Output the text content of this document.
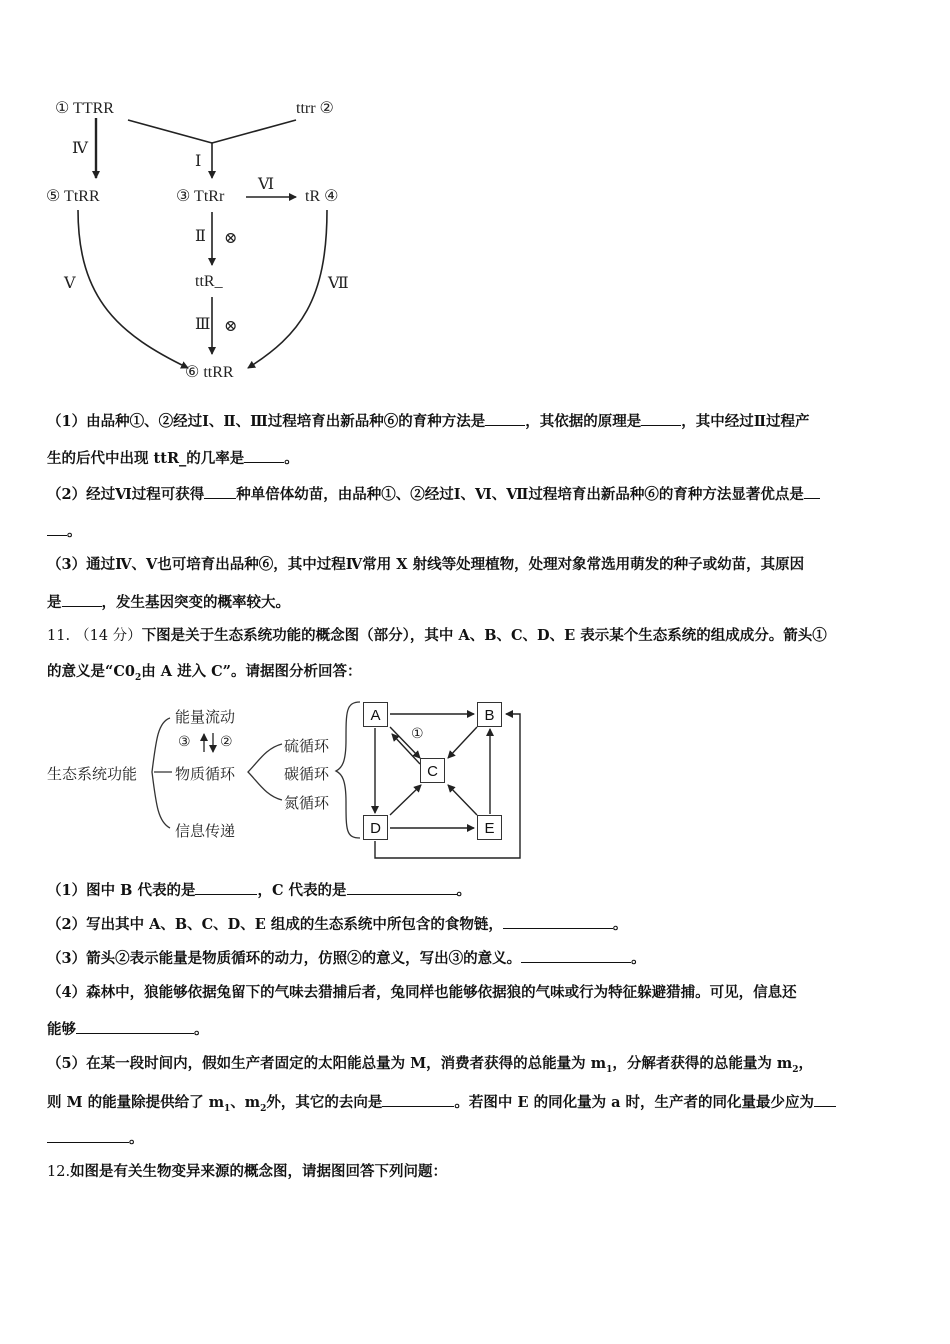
① TTRR	ttrr ②
Ⅳ
Ⅰ
⑤ TtRR	③ TtRr
Ⅵ
tR ④
Ⅱ ⊗
Ⅴ	ttR_	Ⅶ
Ⅲ ⊗
⑥ ttRR
（1）由品种①、②经过Ⅰ、Ⅱ、Ⅲ过程培育出新品种⑥的育种方法是	，其依据的原理是	，其中经过Ⅱ过程产
生的后代中出现 ttR_的几率是	。
（2）经过Ⅵ过程可获得 种单倍体幼苗，由品种①、②经过Ⅰ、Ⅵ、Ⅶ过程培育出新品种⑥的育种方法显著优点是
。
（3）通过Ⅳ、Ⅴ也可培育出品种⑥，其中过程Ⅳ常用 X 射线等处理植物，处理对象常选用萌发的种子或幼苗，其原因
是	，发生基因突变的概率较大。
11. （14 分）下图是关于生态系统功能的概念图（部分），其中 A、B、C、D、E 表示某个生态系统的组成成分。箭头①
的意义是“$C0_2$由 A 进入 C”。请据图分析回答：
生态系统功能
能量流动
③ ②
物质循环
信息传递
硫循环
碳循环
氮循环
A	B
C
D	E
①
（1）图中 B 代表的是	，C 代表的是	。
（2）写出其中 A、B、C、D、E 组成的生态系统中所包含的食物链，	。
（3）箭头②表示能量是物质循环的动力，仿照②的意义，写出③的意义。	。
（4）森林中，狼能够依据兔留下的气味去猎捕后者，兔同样也能够依据狼的气味或行为特征躲避猎捕。可见，信息还
能够	。
（5）在某一段时间内，假如生产者固定的太阳能总量为 M，消费者获得的总能量为 $m_1$，分解者获得的总能量为 $m_2$，
则 M 的能量除提供给了 $m_1$、$m_2$外，其它的去向是	。若图中 E 的同化量为 a 时，生产者的同化量最少应为
。
12.如图是有关生物变异来源的概念图，请据图回答下列问题：
